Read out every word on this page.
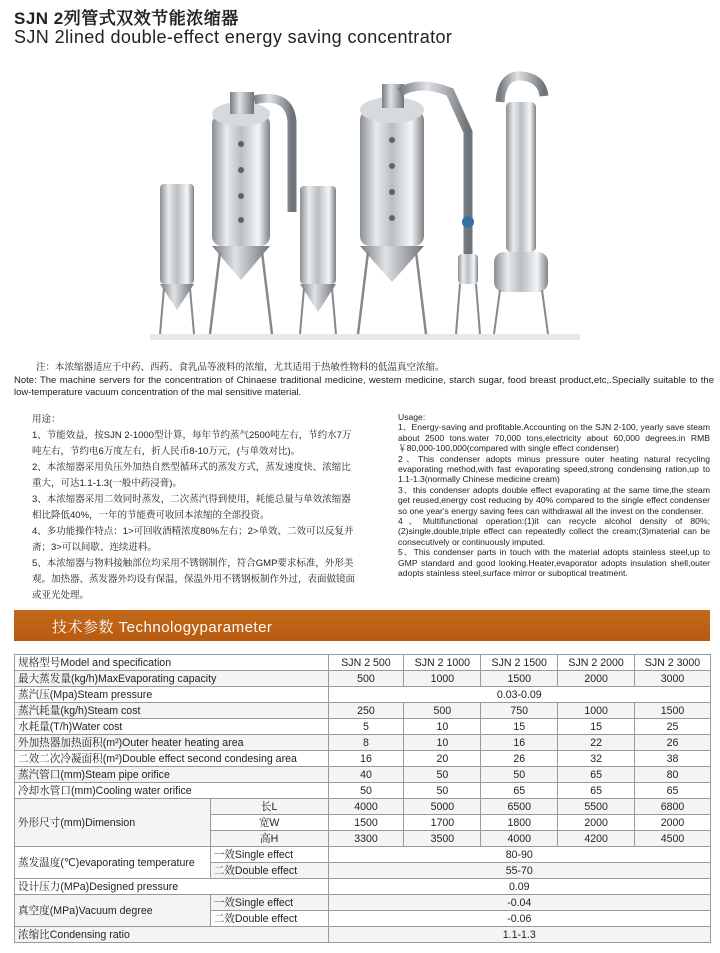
SJN 2列管式双效节能浓缩器
SJN 2lined double-effect energy saving concentrator
注：本浓缩器适应于中药、西药、食乳品等液料的浓缩，尤其适用于热敏性物料的低温真空浓缩。
Note: The machine servers for the concentration of Chinaese traditional medicine, westem medicine, starch sugar, food breast product,etc,.Specially suitable to the low-temperature vacuum concentration of the mal sensitive material.

用途：

1、节能效益，按SJN 2-1000型计算，每年节约蒸气2500吨左右，节约水7万吨左右，节约电6万度左右，折人民币8-10万元，(与单效对比)。

2、本浓缩器采用负压外加热自然型循环式的蒸发方式，蒸发速度快、浓缩比重大，可达1.1-1.3(一般中药浸膏)。

3、本浓缩器采用二效同时蒸发，二次蒸汽得到使用，耗能总量与单效浓缩器相比降低40%，一年的节能费可收回本浓缩的全部投资。

4、多功能操作特点：1>可回收酒精浓度80%左右；2>单效、二效可以反复并斋；3>可以间歇、连续进料。

5、本浓缩器与物料接触部位均采用不锈钢制作，符合GMP要求标准，外形美观。加热器、蒸发器外均设有保温，保温外用不锈钢板制作外过，表面做镜面或亚光处理。

Usage:

1、Energy-saving and profitable.Accounting on the SJN 2-100, yearly save steam about 2500 tons.water 70,000 tons,electricity about 60,000 degrees.in RMB ￥80,000-100,000(compared with single effect condenser)

2、This condenser adopts minus pressure outer heating natural recycling evaporating method,with fast evaporating speed,strong condensing ration,up to 1.1-1.3(normally Chinese medicine cream)

3、this condenser adopts double effect evaporating at the same time,the steam get reused,energy cost reducing by 40% compared to the single effect condenser so one year's energy saving fees can withdrawal all the invest on the condenser.

4、Multifunctional operation:(1)it can recycle alcohol density of 80%;(2)single,double,triple effect can repeatedly collect the cream;(3)material can be consecutively or continuously imputed.

5、This condenser parts in touch with the material adopts stainless steel,up to GMP standard and good looking.Heater,evaporator adopts insulation shell,outer adopts stainless steel,surface mirror or suboptical treatment.

技术参数 Technologyparameter
规格型号Model and specification		SJN 2 500	SJN 2 1000	SJN 2 1500	SJN 2 2000	SJN 2 3000
最大蒸发量(kg/h)MaxEvaporating capacity		500	1000	1500	2000	3000
蒸汽压(Mpa)Steam pressure		0.03-0.09				
蒸汽耗量(kg/h)Steam cost		250	500	750	1000	1500
水耗量(T/h)Water cost		5	10	15	15	25
外加热器加热面积(m²)Outer heater heating area		8	10	16	22	26
二效二次冷凝面积(m²)Double effect second condesing area		16	20	26	32	38
蒸汽管口(mm)Steam pipe orifice		40	50	50	65	80
冷却水管口(mm)Cooling water orifice		50	50	65	65	65
外形尺寸(mm)Dimension	长L	4000	5000	6500	5500	6800
	宽W	1500	1700	1800	2000	2000
	高H	3300	3500	4000	4200	4500
蒸发温度(℃)evaporating temperature	一效Single effect	80-90				
	二效Double effect	55-70				
设计压力(MPa)Designed pressure		0.09				
真空度(MPa)Vacuum degree	一效Single effect	-0.04				
	二效Double effect	-0.06				
浓缩比Condensing ratio		1.1-1.3				
